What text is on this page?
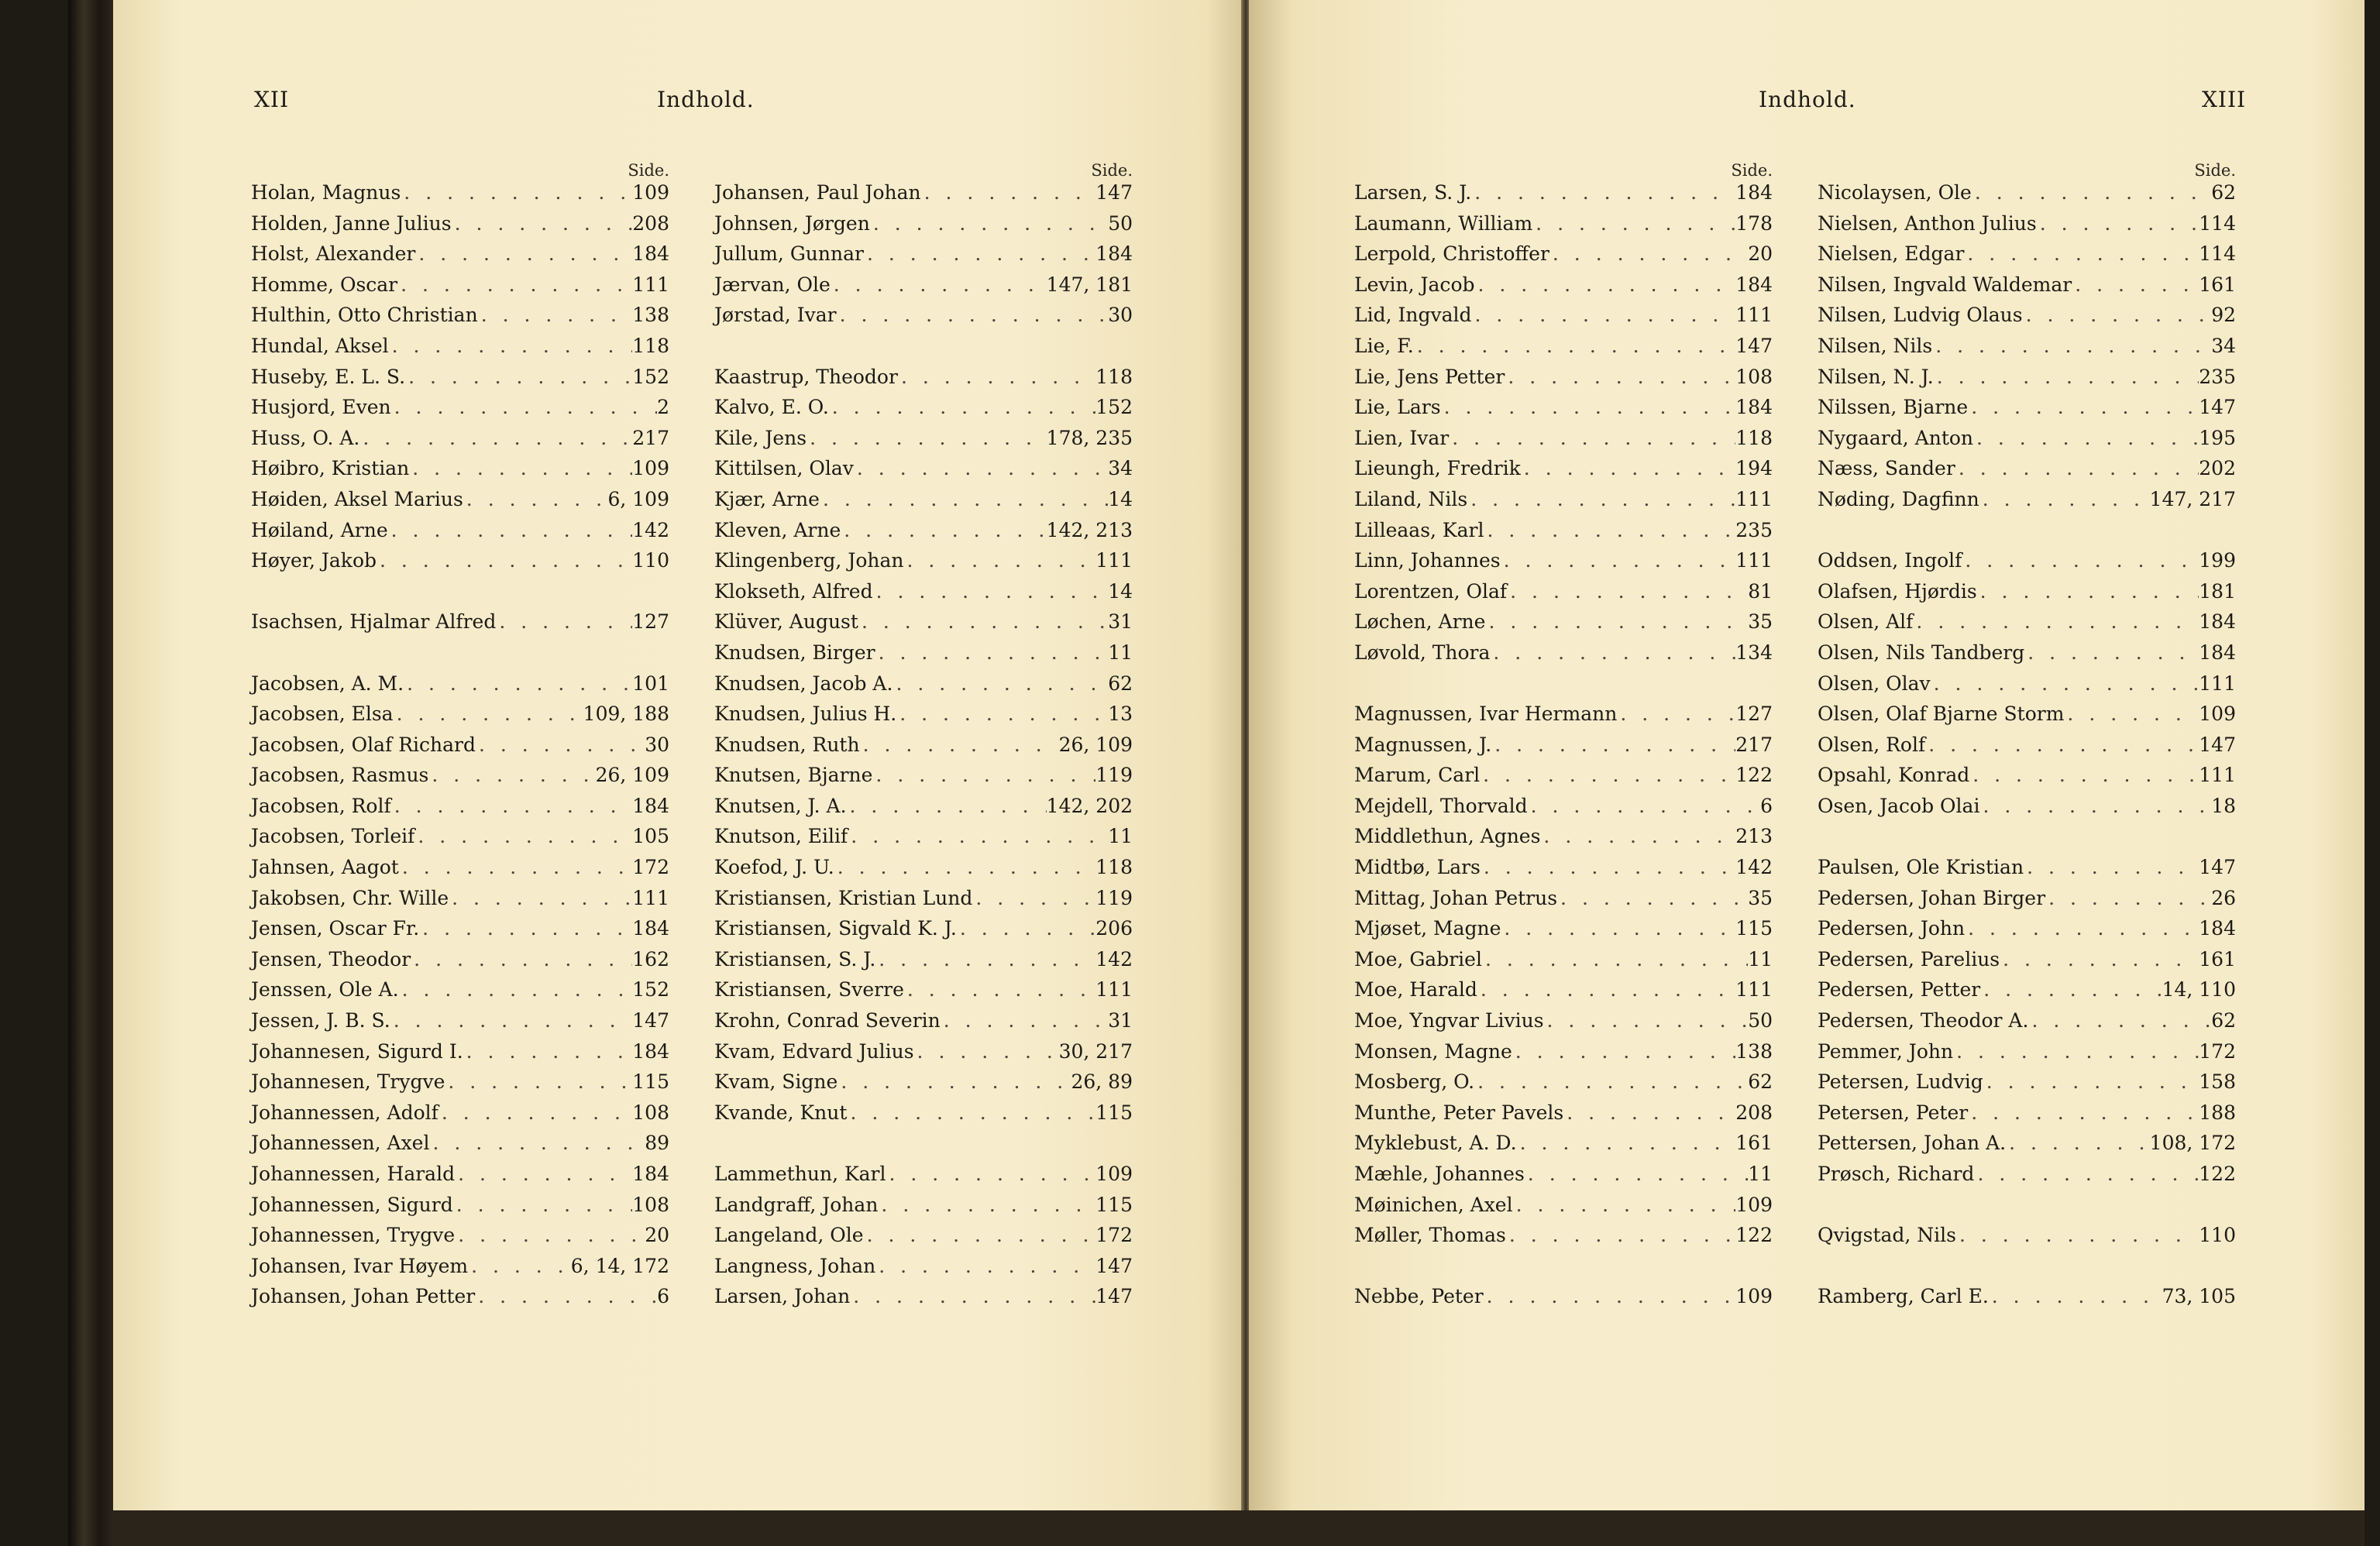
XII	Indhold.
Side.
Holan, Magnus . . .	109
Holden, Janne Julius . . .	208
Holst, Alexander . . .	184
Homme, Oscar . . .	111
Hulthin, Otto Christian . . .	138
Hundal, Aksel . . .	118
Huseby, E. L. S. . . .	152
Husjord, Even . . .	2
Huss, O. A. . . .	217
Høibro, Kristian . . .	109
Høiden, Aksel Marius . . .	6, 109
Høiland, Arne . . .	142
Høyer, Jakob . . .	110
Isachsen, Hjalmar Alfred . . .	127
Jacobsen, A. M. . . .	101
Jacobsen, Elsa . . .	109, 188
Jacobsen, Olaf Richard . . .	30
Jacobsen, Rasmus . . .	26, 109
Jacobsen, Rolf . . .	184
Jacobsen, Torleif . . .	105
Jahnsen, Aagot . . .	172
Jakobsen, Chr. Wille . . .	111
Jensen, Oscar Fr. . . .	184
Jensen, Theodor . . .	162
Jenssen, Ole A. . . .	152
Jessen, J. B. S. . . .	147
Johannesen, Sigurd I. . . .	184
Johannesen, Trygve . . .	115
Johannessen, Adolf . . .	108
Johannessen, Axel . . .	89
Johannessen, Harald . . .	184
Johannessen, Sigurd . . .	108
Johannessen, Trygve . . .	20
Johansen, Ivar Høyem . . .	6, 14, 172
Johansen, Johan Petter . . .	6
Side.
Johansen, Paul Johan . . .	147
Johnsen, Jørgen . . .	50
Jullum, Gunnar . . .	184
Jærvan, Ole . . .	147, 181
Jørstad, Ivar . . .	30
Kaastrup, Theodor . . .	118
Kalvo, E. O. . . .	152
Kile, Jens . . .	178, 235
Kittilsen, Olav . . .	34
Kjær, Arne . . .	14
Kleven, Arne . . .	142, 213
Klingenberg, Johan . . .	111
Klokseth, Alfred . . .	14
Klüver, August . . .	31
Knudsen, Birger . . .	11
Knudsen, Jacob A. . . .	62
Knudsen, Julius H. . . .	13
Knudsen, Ruth . . .	26, 109
Knutsen, Bjarne . . .	119
Knutsen, J. A. . . .	142, 202
Knutson, Eilif . . .	11
Koefod, J. U. . . .	118
Kristiansen, Kristian Lund . . .	119
Kristiansen, Sigvald K. J. . . .	206
Kristiansen, S. J. . . .	142
Kristiansen, Sverre . . .	111
Krohn, Conrad Severin . . .	31
Kvam, Edvard Julius . . .	30, 217
Kvam, Signe . . .	26, 89
Kvande, Knut . . .	115
Lammethun, Karl . . .	109
Landgraff, Johan . . .	115
Langeland, Ole . . .	172
Langness, Johan . . .	147
Larsen, Johan . . .	147
Indhold.	XIII
Side.
Larsen, S. J. . . .	184
Laumann, William . . .	178
Lerpold, Christoffer . . .	20
Levin, Jacob . . .	184
Lid, Ingvald . . .	111
Lie, F. . . .	147
Lie, Jens Petter . . .	108
Lie, Lars . . .	184
Lien, Ivar . . .	118
Lieungh, Fredrik . . .	194
Liland, Nils . . .	111
Lilleaas, Karl . . .	235
Linn, Johannes . . .	111
Lorentzen, Olaf . . .	81
Løchen, Arne . . .	35
Løvold, Thora . . .	134
Magnussen, Ivar Hermann . . .	127
Magnussen, J. . . .	217
Marum, Carl . . .	122
Mejdell, Thorvald . . .	6
Middlethun, Agnes . . .	213
Midtbø, Lars . . .	142
Mittag, Johan Petrus . . .	35
Mjøset, Magne . . .	115
Moe, Gabriel . . .	11
Moe, Harald . . .	111
Moe, Yngvar Livius . . .	50
Monsen, Magne . . .	138
Mosberg, O. . . .	62
Munthe, Peter Pavels . . .	208
Myklebust, A. D. . . .	161
Mæhle, Johannes . . .	11
Møinichen, Axel . . .	109
Møller, Thomas . . .	122
Nebbe, Peter . . .	109
Side.
Nicolaysen, Ole . . .	62
Nielsen, Anthon Julius . . .	114
Nielsen, Edgar . . .	114
Nilsen, Ingvald Waldemar . . .	161
Nilsen, Ludvig Olaus . . .	92
Nilsen, Nils . . .	34
Nilsen, N. J. . . .	235
Nilssen, Bjarne . . .	147
Nygaard, Anton . . .	195
Næss, Sander . . .	202
Nøding, Dagfinn . . .	147, 217
Oddsen, Ingolf . . .	199
Olafsen, Hjørdis . . .	181
Olsen, Alf . . .	184
Olsen, Nils Tandberg . . .	184
Olsen, Olav . . .	111
Olsen, Olaf Bjarne Storm . . .	109
Olsen, Rolf . . .	147
Opsahl, Konrad . . .	111
Osen, Jacob Olai . . .	18
Paulsen, Ole Kristian . . .	147
Pedersen, Johan Birger . . .	26
Pedersen, John . . .	184
Pedersen, Parelius . . .	161
Pedersen, Petter . . .	14, 110
Pedersen, Theodor A. . . .	62
Pemmer, John . . .	172
Petersen, Ludvig . . .	158
Petersen, Peter . . .	188
Pettersen, Johan A. . . .	108, 172
Prøsch, Richard . . .	122
Qvigstad, Nils . . .	110
Ramberg, Carl E. . . .	73, 105
